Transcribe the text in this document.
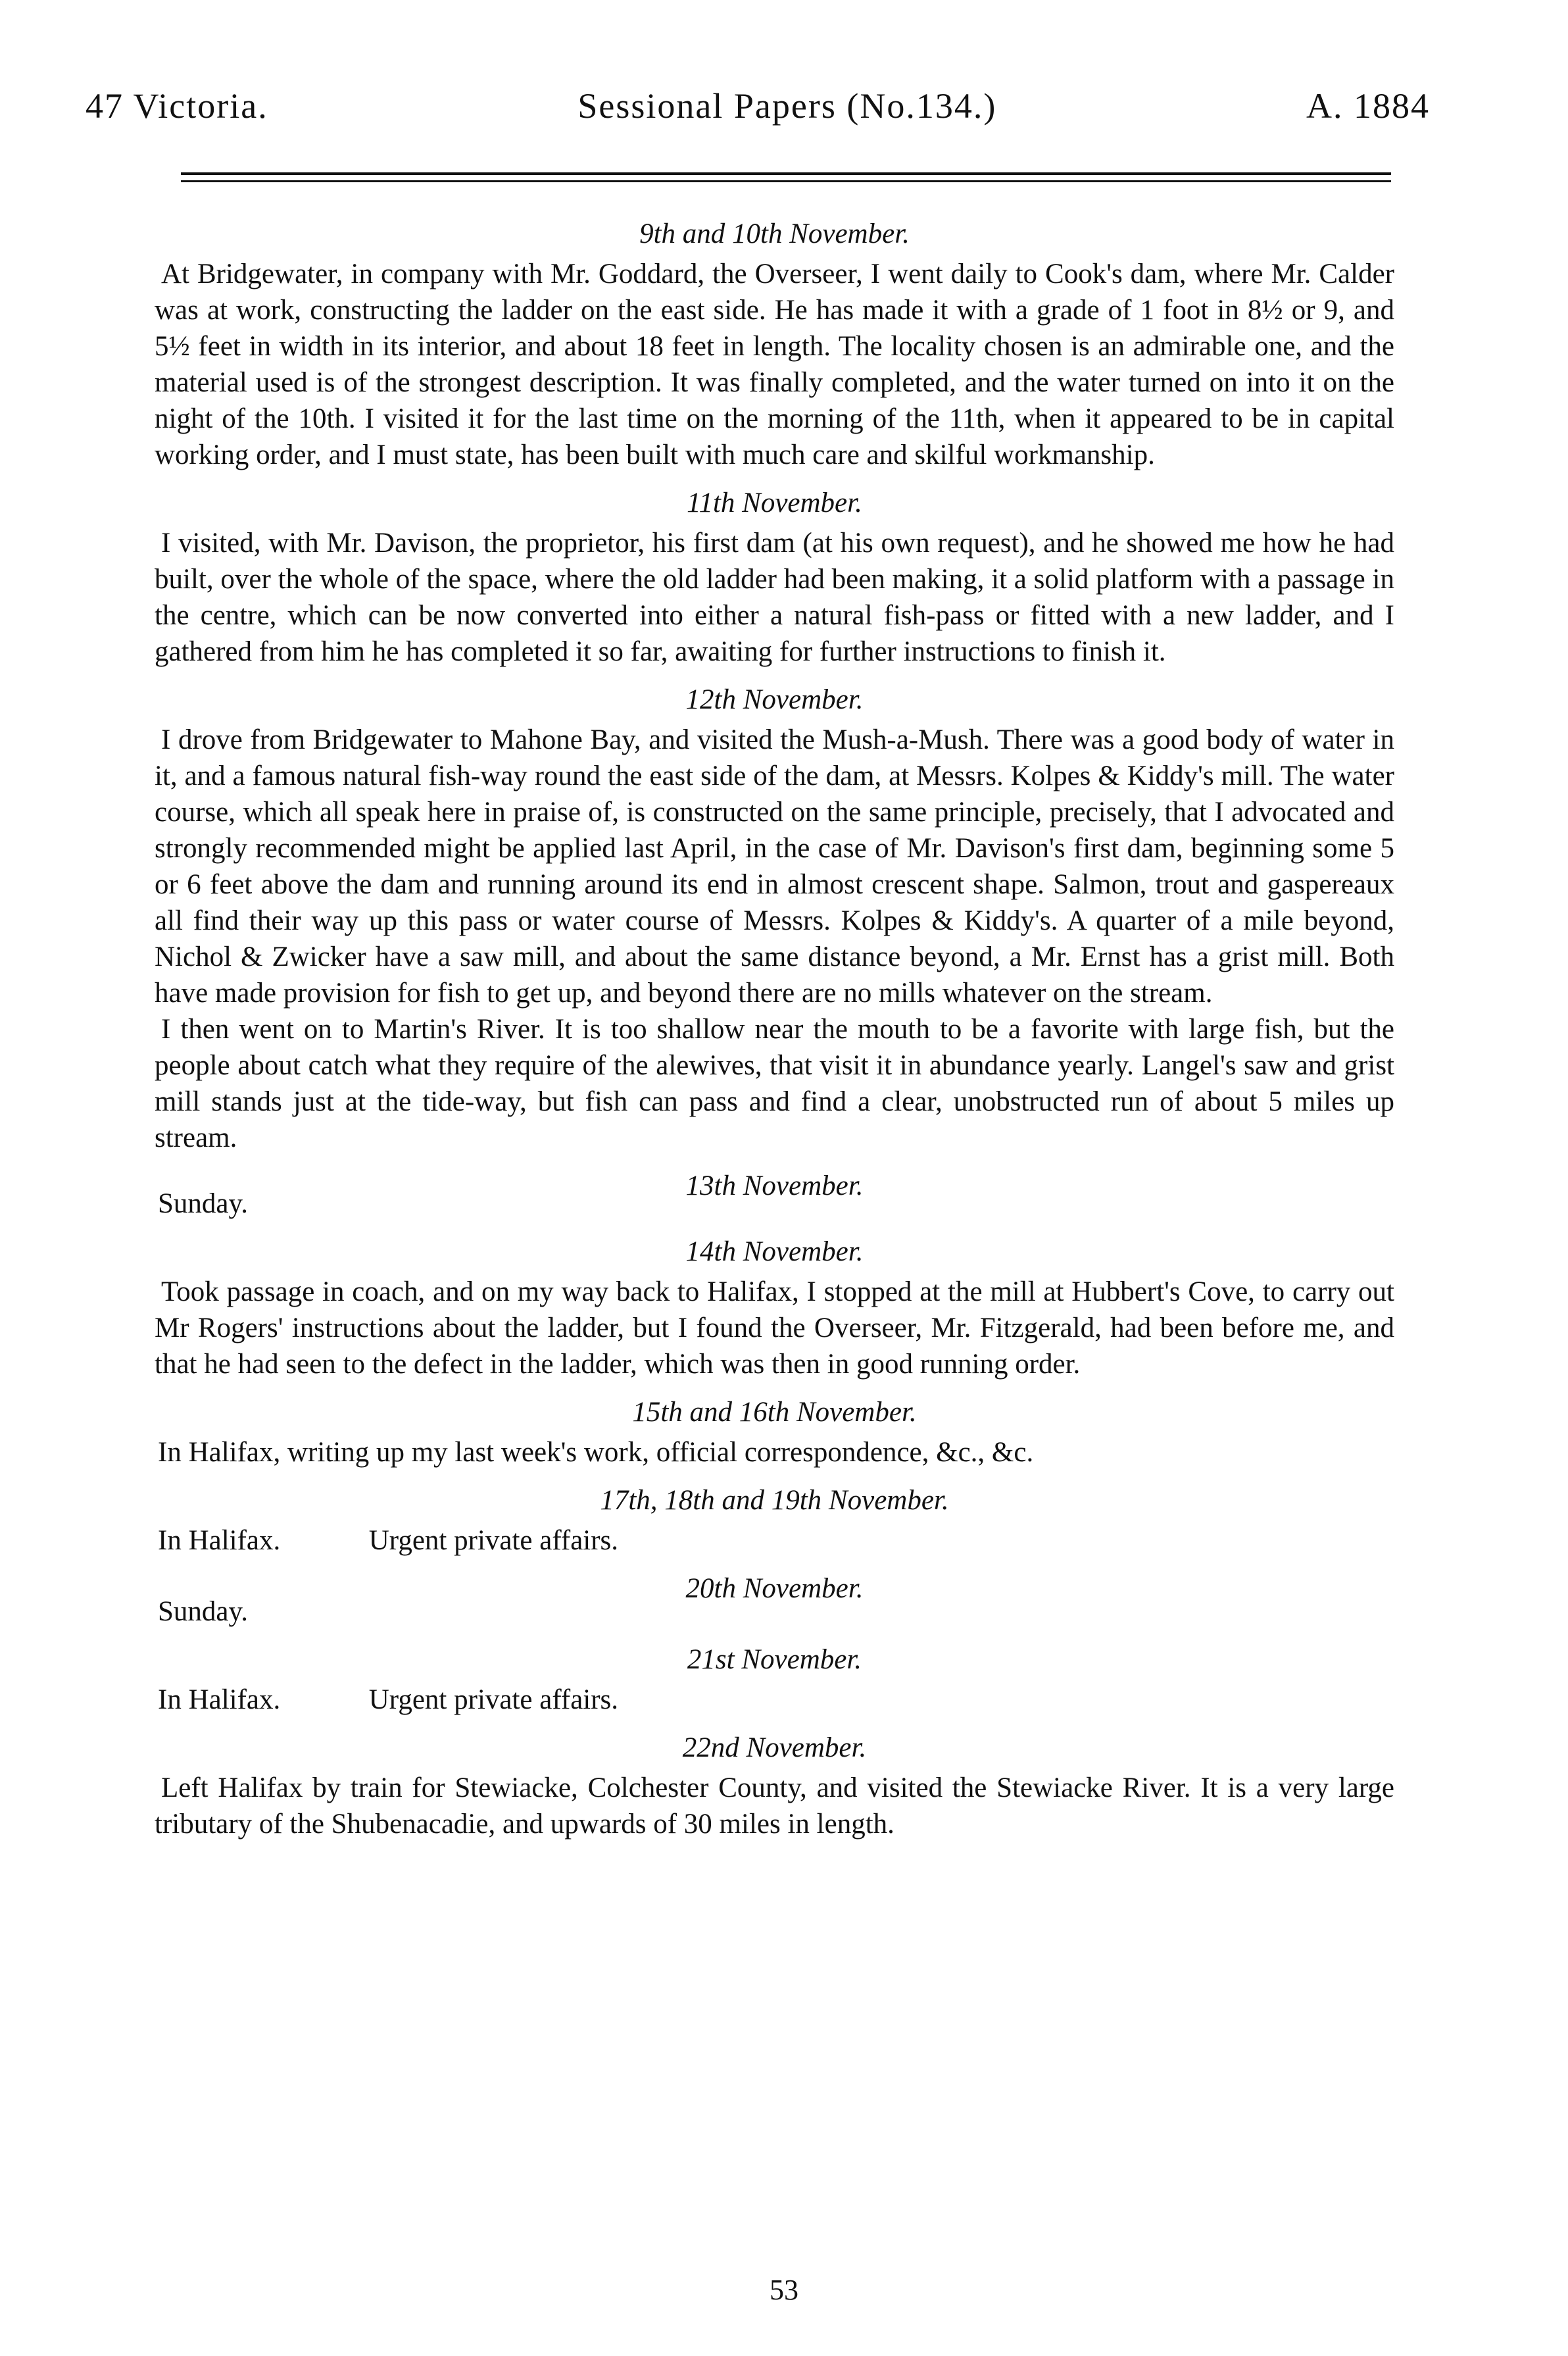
47 Victoria.	Sessional Papers (No.134.)	A. 1884

9th and 10th November.

At Bridgewater, in company with Mr. Goddard, the Overseer, I went daily to Cook's dam, where Mr. Calder was at work, constructing the ladder on the east side. He has made it with a grade of 1 foot in 8½ or 9, and 5½ feet in width in its interior, and about 18 feet in length. The locality chosen is an admirable one, and the material used is of the strongest description. It was finally completed, and the water turned on into it on the night of the 10th. I visited it for the last time on the morning of the 11th, when it appeared to be in capital working order, and I must state, has been built with much care and skilful workmanship.

11th November.

I visited, with Mr. Davison, the proprietor, his first dam (at his own request), and he showed me how he had built, over the whole of the space, where the old ladder had been making, it a solid platform with a passage in the centre, which can be now converted into either a natural fish-pass or fitted with a new ladder, and I gathered from him he has completed it so far, awaiting for further instructions to finish it.

12th November.

I drove from Bridgewater to Mahone Bay, and visited the Mush-a-Mush. There was a good body of water in it, and a famous natural fish-way round the east side of the dam, at Messrs. Kolpes & Kiddy's mill. The water course, which all speak here in praise of, is constructed on the same principle, precisely, that I advocated and strongly recommended might be applied last April, in the case of Mr. Davison's first dam, beginning some 5 or 6 feet above the dam and running around its end in almost crescent shape. Salmon, trout and gaspereaux all find their way up this pass or water course of Messrs. Kolpes & Kiddy's. A quarter of a mile beyond, Nichol & Zwicker have a saw mill, and about the same distance beyond, a Mr. Ernst has a grist mill. Both have made provision for fish to get up, and beyond there are no mills whatever on the stream.

I then went on to Martin's River. It is too shallow near the mouth to be a favorite with large fish, but the people about catch what they require of the alewives, that visit it in abundance yearly. Langel's saw and grist mill stands just at the tide-way, but fish can pass and find a clear, unobstructed run of about 5 miles up stream.

13th November.

Sunday.

14th November.

Took passage in coach, and on my way back to Halifax, I stopped at the mill at Hubbert's Cove, to carry out Mr Rogers' instructions about the ladder, but I found the Overseer, Mr. Fitzgerald, had been before me, and that he had seen to the defect in the ladder, which was then in good running order.

15th and 16th November.

In Halifax, writing up my last week's work, official correspondence, &c., &c.

17th, 18th and 19th November.

In Halifax.	Urgent private affairs.

20th November.

Sunday.

21st November.

In Halifax.	Urgent private affairs.

22nd November.

Left Halifax by train for Stewiacke, Colchester County, and visited the Stewiacke River. It is a very large tributary of the Shubenacadie, and upwards of 30 miles in length.

53
